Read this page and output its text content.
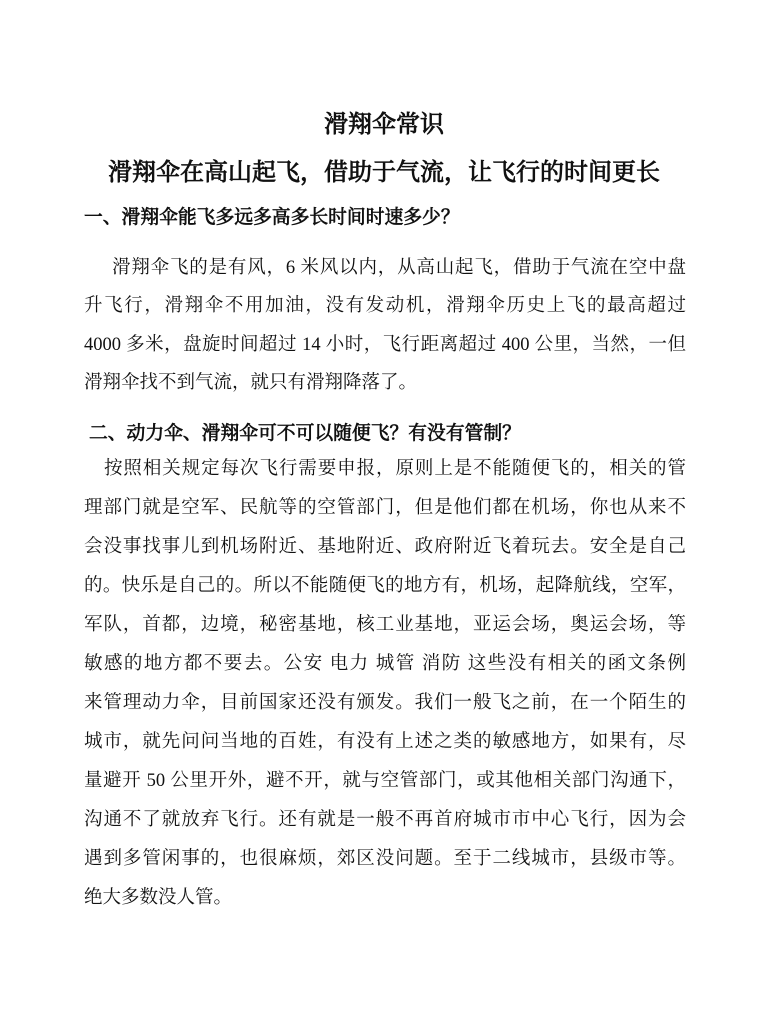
滑翔伞常识
滑翔伞在高山起飞，借助于气流，让飞行的时间更长
一、滑翔伞能飞多远多高多长时间时速多少？
滑翔伞飞的是有风，6 米风以内，从高山起飞，借助于气流在空中盘
升飞行，滑翔伞不用加油，没有发动机，滑翔伞历史上飞的最高超过
4000 多米，盘旋时间超过 14 小时，飞行距离超过 400 公里，当然，一但
滑翔伞找不到气流，就只有滑翔降落了。
二、动力伞、滑翔伞可不可以随便飞？有没有管制？
按照相关规定每次飞行需要申报，原则上是不能随便飞的，相关的管
理部门就是空军、民航等的空管部门，但是他们都在机场，你也从来不
会没事找事儿到机场附近、基地附近、政府附近飞着玩去。安全是自己
的。快乐是自己的。所以不能随便飞的地方有，机场，起降航线，空军，
军队，首都，边境，秘密基地，核工业基地，亚运会场，奥运会场，等
敏感的地方都不要去。公安 电力 城管 消防 这些没有相关的函文条例
来管理动力伞，目前国家还没有颁发。我们一般飞之前，在一个陌生的
城市，就先问问当地的百姓，有没有上述之类的敏感地方，如果有，尽
量避开 50 公里开外，避不开，就与空管部门，或其他相关部门沟通下，
沟通不了就放弃飞行。还有就是一般不再首府城市市中心飞行，因为会
遇到多管闲事的，也很麻烦，郊区没问题。至于二线城市，县级市等。
绝大多数没人管。
